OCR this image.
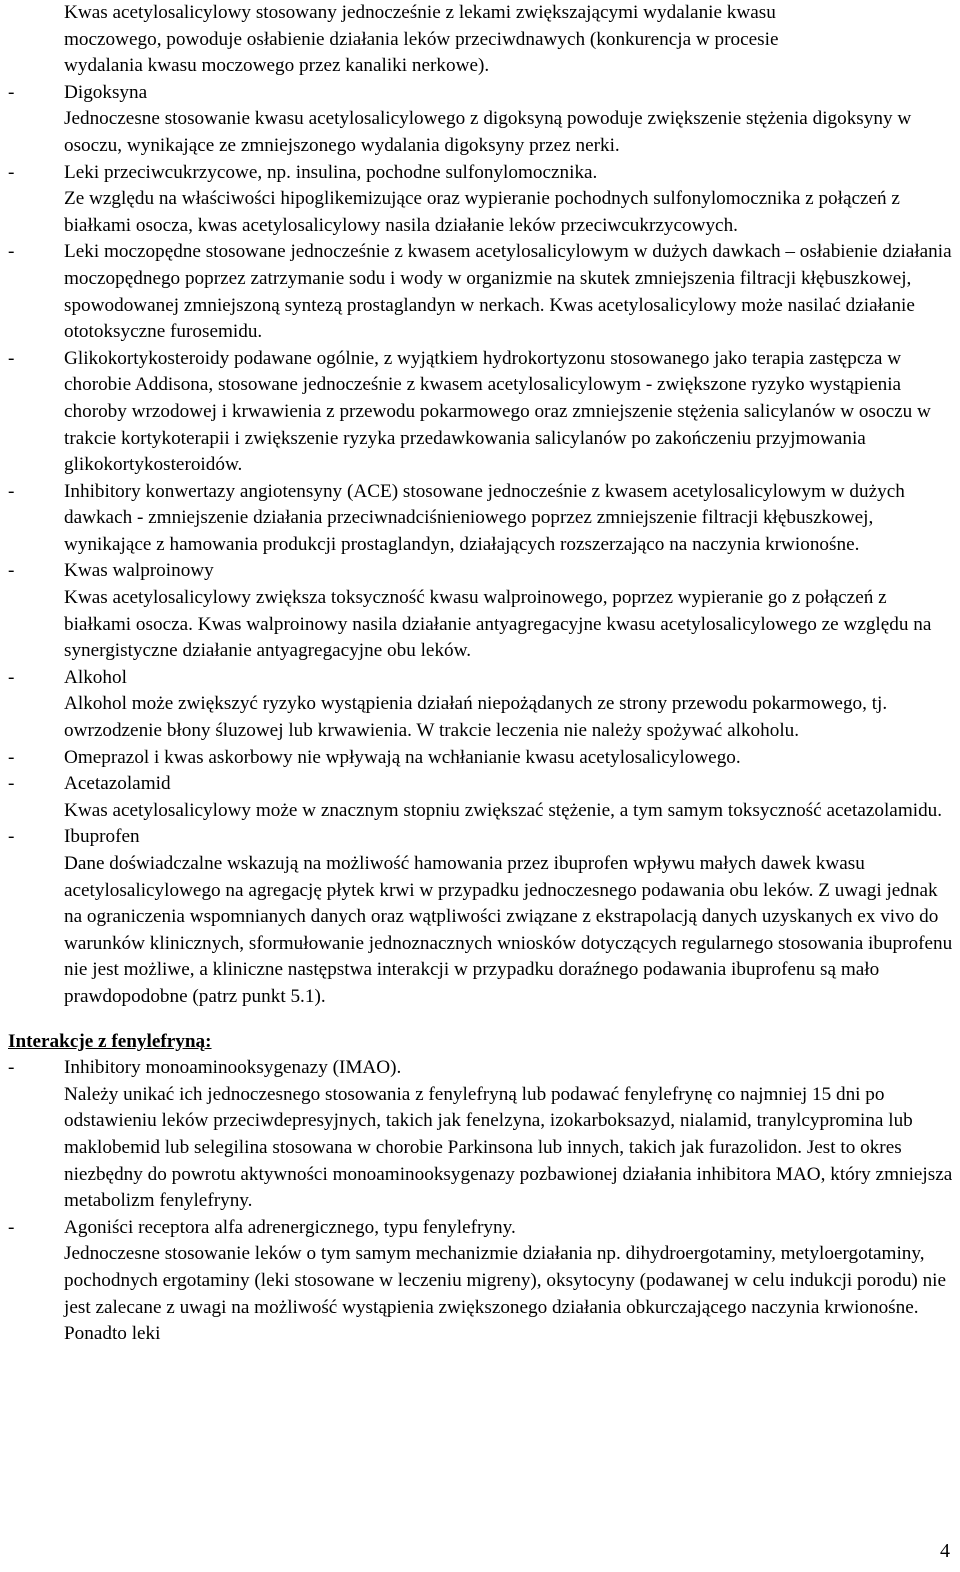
Kwas acetylosalicylowy stosowany jednocześnie z lekami zwiększającymi wydalanie kwasu
moczowego, powoduje osłabienie działania leków przeciwdnawych (konkurencja w procesie
wydalania kwasu moczowego przez kanaliki nerkowe).
-	Digoksyna
Jednoczesne stosowanie kwasu acetylosalicylowego z digoksyną powoduje zwiększenie stężenia digoksyny w osoczu, wynikające ze zmniejszonego wydalania digoksyny przez nerki.
-	Leki przeciwcukrzycowe, np. insulina, pochodne sulfonylomocznika.
Ze względu na właściwości hipoglikemizujące oraz wypieranie pochodnych sulfonylomocznika z połączeń z białkami osocza, kwas acetylosalicylowy nasila działanie leków przeciwcukrzycowych.
-	Leki moczopędne stosowane jednocześnie z kwasem acetylosalicylowym w dużych dawkach – osłabienie działania moczopędnego poprzez zatrzymanie sodu i wody w organizmie na skutek zmniejszenia filtracji kłębuszkowej, spowodowanej zmniejszoną syntezą prostaglandyn w nerkach. Kwas acetylosalicylowy może nasilać działanie ototoksyczne furosemidu.
-	Glikokortykosteroidy podawane ogólnie, z wyjątkiem hydrokortyzonu stosowanego jako terapia zastępcza w chorobie Addisona, stosowane jednocześnie z kwasem acetylosalicylowym - zwiększone ryzyko wystąpienia choroby wrzodowej i krwawienia z przewodu pokarmowego oraz zmniejszenie stężenia salicylanów w osoczu w trakcie kortykoterapii i zwiększenie ryzyka przedawkowania salicylanów po zakończeniu przyjmowania glikokortykosteroidów.
-	Inhibitory konwertazy angiotensyny (ACE) stosowane jednocześnie z kwasem acetylosalicylowym w dużych dawkach - zmniejszenie działania przeciwnadciśnieniowego poprzez zmniejszenie filtracji kłębuszkowej, wynikające z hamowania produkcji prostaglandyn, działających rozszerzająco na naczynia krwionośne.
-	Kwas walproinowy
Kwas acetylosalicylowy zwiększa toksyczność kwasu walproinowego, poprzez wypieranie go z połączeń z białkami osocza. Kwas walproinowy nasila działanie antyagregacyjne kwasu acetylosalicylowego ze względu na synergistyczne działanie antyagregacyjne obu leków.
-	Alkohol
Alkohol może zwiększyć ryzyko wystąpienia działań niepożądanych ze strony przewodu pokarmowego, tj. owrzodzenie błony śluzowej lub krwawienia. W trakcie leczenia nie należy spożywać alkoholu.
-	Omeprazol i kwas askorbowy nie wpływają na wchłanianie kwasu acetylosalicylowego.
-	Acetazolamid
Kwas acetylosalicylowy może w znacznym stopniu zwiększać stężenie, a tym samym toksyczność acetazolamidu.
-	Ibuprofen
Dane doświadczalne wskazują na możliwość hamowania przez ibuprofen wpływu małych dawek kwasu acetylosalicylowego na agregację płytek krwi w przypadku jednoczesnego podawania obu leków. Z uwagi jednak na ograniczenia wspomnianych danych oraz wątpliwości związane z ekstrapolacją danych uzyskanych ex vivo do warunków klinicznych, sformułowanie jednoznacznych wniosków dotyczących regularnego stosowania ibuprofenu nie jest możliwe, a kliniczne następstwa interakcji w przypadku doraźnego podawania ibuprofenu są mało prawdopodobne (patrz punkt 5.1).
Interakcje z fenylefryną:
-	Inhibitory monoaminooksygenazy (IMAO).
Należy unikać ich jednoczesnego stosowania z fenylefryną lub podawać fenylefrynę co najmniej 15 dni po odstawieniu leków przeciwdepresyjnych, takich jak fenelzyna, izokarboksazyd, nialamid, tranylcypromina lub maklobemid lub selegilina stosowana w chorobie Parkinsona lub innych, takich jak furazolidon. Jest to okres niezbędny do powrotu aktywności monoaminooksygenazy pozbawionej działania inhibitora MAO, który zmniejsza metabolizm fenylefryny.
-	Agoniści receptora alfa adrenergicznego, typu fenylefryny.
Jednoczesne stosowanie leków o tym samym mechanizmie działania np. dihydroergotaminy, metyloergotaminy, pochodnych ergotaminy (leki stosowane w leczeniu migreny), oksytocyny (podawanej w celu indukcji porodu) nie jest zalecane z uwagi na możliwość wystąpienia zwiększonego działania obkurczającego naczynia krwionośne. Ponadto leki
4
